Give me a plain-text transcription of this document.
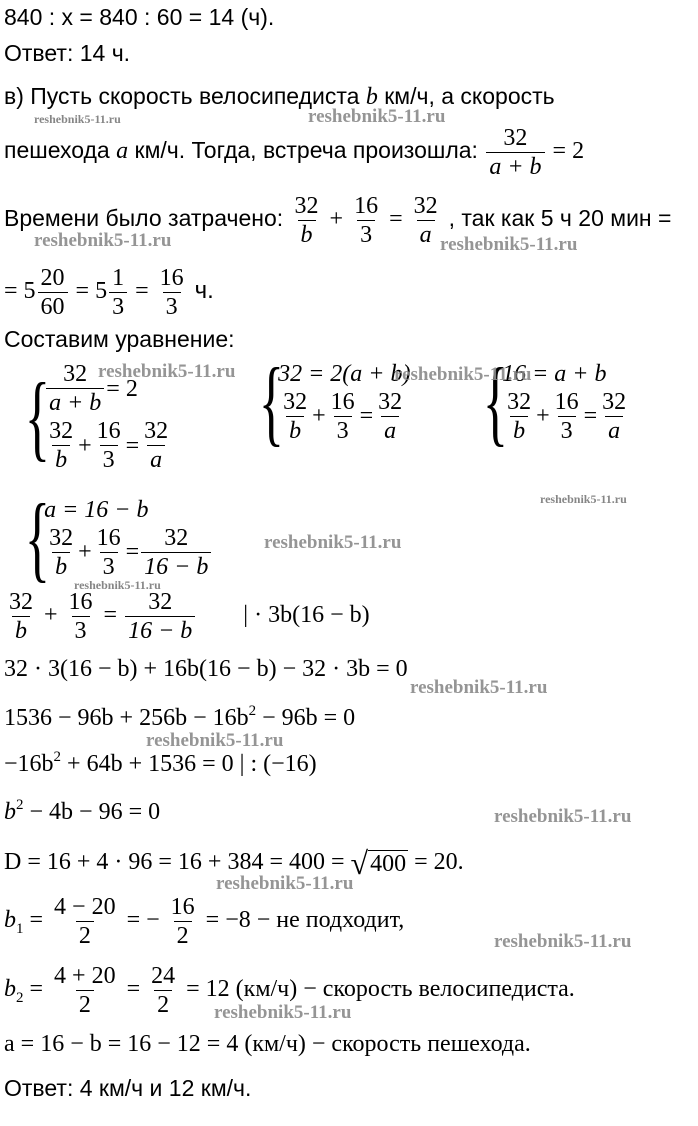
840 : x = 840 : 60 = 14 (ч).
Ответ: 14 ч.
в) Пусть скорость велосипедиста b км/ч, а скорость
пешехода a км/ч. Тогда, встреча произошла: $\frac{32}{a + b} = 2$
Времени было затрачено: $\frac{32}{b} + \frac{16}{3} = \frac{32}{a}$ , так как 5 ч 20 мин =
= $5 \frac{20}{60} = 5 \frac{1}{3} = \frac{16}{3} ч$.
Составим уравнение:
{
$\frac{32}{a + b} = 2$
$\frac{32}{b} + \frac{16}{3} = \frac{32}{a}$ {
32 = 2(a + b)
$\frac{32}{b} + \frac{16}{3} = \frac{32}{a}$ {
16 = a + b
$\frac{32}{b} + \frac{16}{3} = \frac{32}{a}$
{
a = 16 − b
$\frac{32}{b} + \frac{16}{3} = \frac{32}{16 - b}$
$\frac{32}{b} + \frac{16}{3} = \frac{32}{16 - b}$ | · 3b(16 − b)
32 · 3(16 − b) + 16b(16 − b) − 32 · 3b = 0
$1536 - 96b + 256b - 16b^2 - 96b = 0$
$-16b^2 + 64b + 1536 = 0$ | : (−16)
$b^2 - 4b - 96 = 0$
D = 16 + 4 · 96 = 16 + 384 = 400 = √ 400 = 20.
$b_1 = \frac{4 - 20}{2}$ = − $\frac{16}{2} = -8$ − не подходит,
$b_2 = \frac{4 + 20}{2} = \frac{24}{2} = 12$ (км/ч) − скорость велосипедиста.
a = 16 − b = 16 − 12 = 4 (км/ч) − скорость пешехода.
Ответ: 4 км/ч и 12 км/ч.
reshebnik5-11.ru	reshebnik5-11.ru
reshebnik5-11.ru	reshebnik5-11.ru
reshebnik5-11.ru	reshebnik5-11.ru
reshebnik5-11.ru
reshebnik5-11.ru
reshebnik5-11.ru
reshebnik5-11.ru
reshebnik5-11.ru
reshebnik5-11.ru
reshebnik5-11.ru
reshebnik5-11.ru
reshebnik5-11.ru
